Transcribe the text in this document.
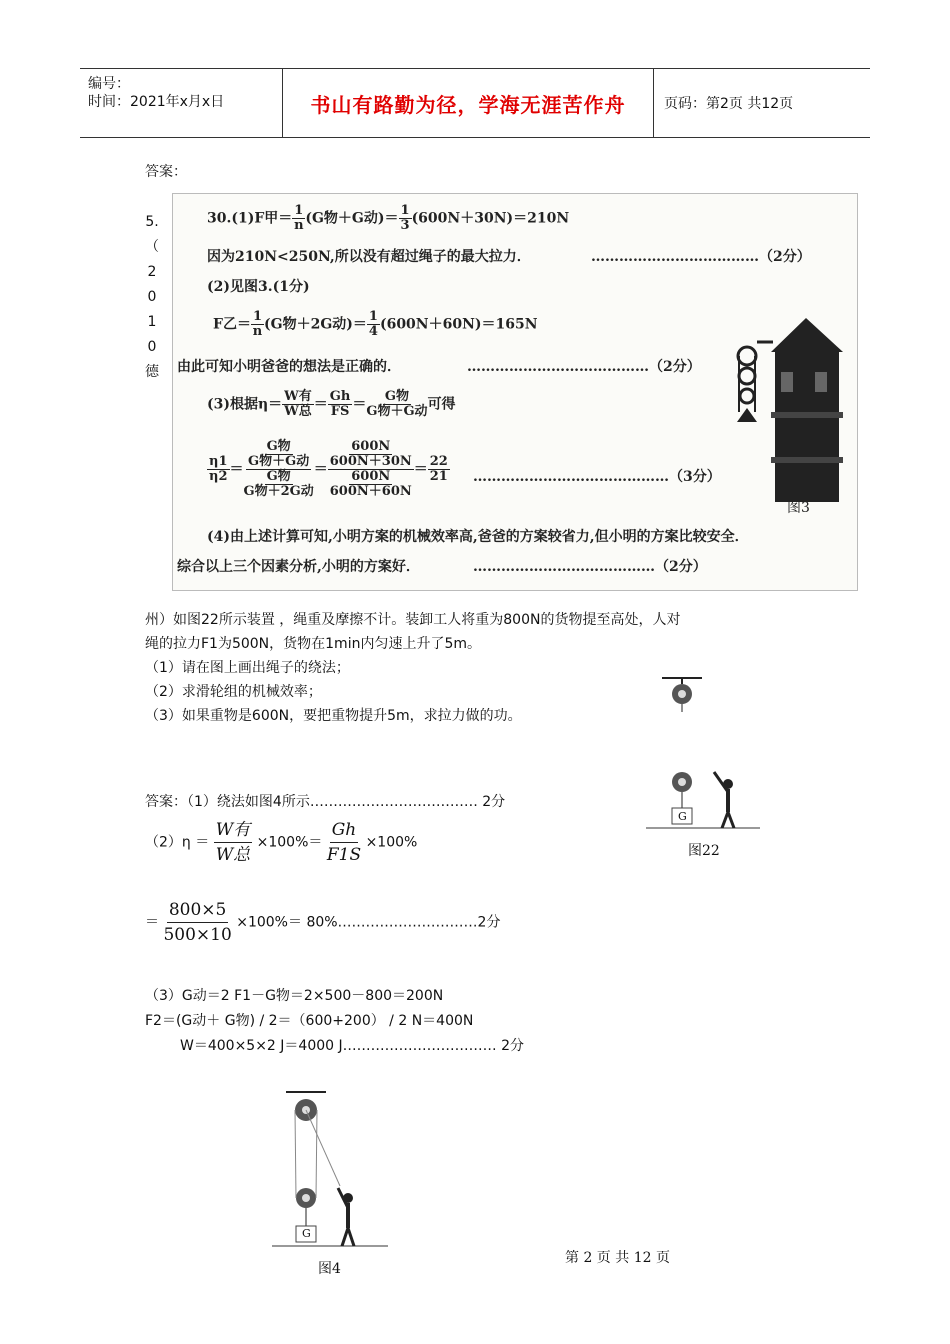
编号：
时间：2021年x月x日	书山有路勤为径，学海无涯苦作舟	页码：第2页 共12页
答案：
5.
（
2
0
1
0
德
30.(1)F甲＝ $\frac{1}{n} (G$物＋G动)＝ $\frac{1}{3} (600N+30N)=210N$
因为210N<250N,所以没有超过绳子的最大拉力．	………………………………（2分）
(2)见图3.(1分)
F乙＝ $\frac{1}{n} (G$物＋2G动)＝ $\frac{1}{4} (600N+60N)=165N$
由此可知小明爸爸的想法是正确的．	…………………………………（2分）
(3)根据$\eta= \frac{\text{W有}}{\text{W总}} = \frac{Gh}{FS} = \frac{\text{G物}}{\text{G物＋G动}}$ 可得
$\frac{\eta 1}{\eta 2} = \frac{\frac{\text{G物}}{\text{G物＋G动}}}{\frac{\text{G物}}{\text{G物＋2G动}}} = \frac{\frac{600N}{600N+30N}}{\frac{600N}{600N+60N}} = \frac{22}{21}$ ……………………………………（3分）
(4)由上述计算可知,小明方案的机械效率高,爸爸的方案较省力,但小明的方案比较安全．
综合以上三个因素分析,小明的方案好．	…………………………………（2分）
图3
州）如图22所示装置 ，绳重及摩擦不计。装卸工人将重为800N的货物提至高处，人对
绳的拉力F1为500N，货物在1min内匀速上升了5m。
（1）请在图上画出绳子的绕法；
（2）求滑轮组的机械效率；
（3）如果重物是600N，要把重物提升5m，求拉力做的功。
G
图22
答案：（1）绕法如图4所示……………………………… 2分
$(2)\eta = \frac{\text{W有}}{\text{W总}} \times 100\%= \frac{Gh}{F1S} \times 100\%$
＝ $\frac{800\times 5}{500\times 10} \times 100\%=$ 80%…………………………2分
（3）G动＝2 F1－G物＝2×500－800＝200N
F2＝(G动＋ G物) / 2＝（600+200） / 2 N＝400N
W＝400×5×2 J＝4000 J…………………………… 2分
G
图4
第 2 页 共 12 页
